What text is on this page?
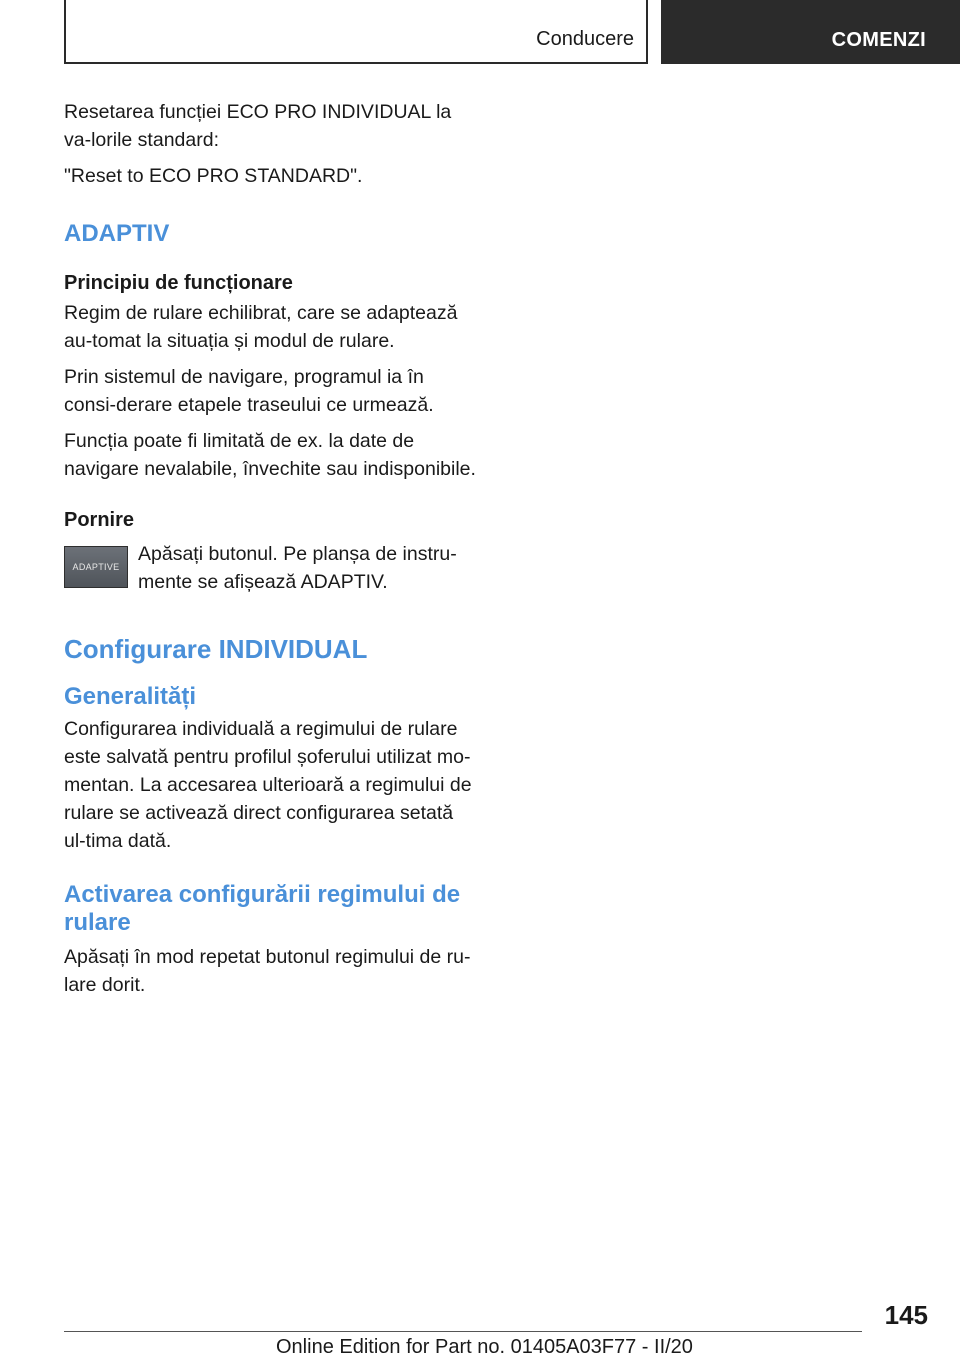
Conducere	COMENZI

Resetarea funcției ECO PRO INDIVIDUAL la va-lorile standard:

"Reset to ECO PRO STANDARD".

ADAPTIV
Principiu de funcționare

Regim de rulare echilibrat, care se adaptează au-tomat la situația și modul de rulare.

Prin sistemul de navigare, programul ia în consi-derare etapele traseului ce urmează.

Funcția poate fi limitată de ex. la date de navigare nevalabile, învechite sau indisponibile.

Pornire
ADAPTIVE

Apăsați butonul. Pe planșa de instru-mente se afișează ADAPTIV.

Configurare INDIVIDUAL
Generalități

Configurarea individuală a regimului de rulare este salvată pentru profilul șoferului utilizat mo-mentan. La accesarea ulterioară a regimului de rulare se activează direct configurarea setată ul-tima dată.

Activarea configurării regimului de rulare

Apăsați în mod repetat butonul regimului de ru-lare dorit.

145
Online Edition for Part no. 01405A03F77 - II/20
